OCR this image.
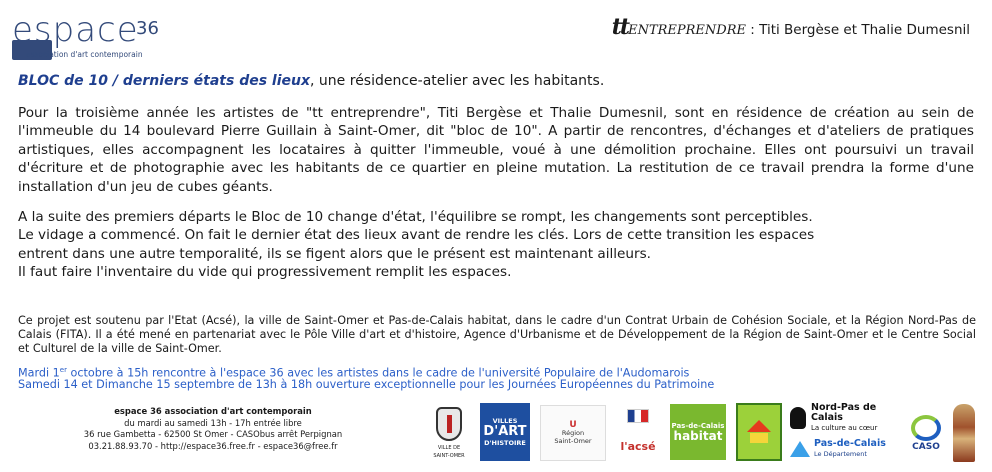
espace
36
association d'art contemporain
ttENTREPRENDRE : Titi Bergèse et Thalie Dumesnil
BLOC de 10 / derniers états des lieux, une résidence-atelier avec les habitants.

Pour la troisième année les artistes de "tt entreprendre", Titi Bergèse et Thalie Dumesnil, sont en résidence de création au sein de l'immeuble du 14 boulevard Pierre Guillain à Saint-Omer, dit "bloc de 10". A partir de rencontres, d'échanges et d'ateliers de pratiques artistiques, elles accompagnent les locataires à quitter l'immeuble, voué à une démolition prochaine. Elles ont poursuivi un travail d'écriture et de photographie avec les habitants de ce quartier en pleine mutation. La restitution de ce travail prendra la forme d'une installation d'un jeu de cubes géants.

A la suite des premiers départs le Bloc de 10 change d'état, l'équilibre se rompt, les changements sont perceptibles.
Le vidage a commencé. On fait le dernier état des lieux avant de rendre les clés. Lors de cette transition les espaces
entrent dans une autre temporalité, ils se figent alors que le présent est maintenant ailleurs.
Il faut faire l'inventaire du vide qui progressivement remplit les espaces.

Ce projet est soutenu par l'Etat (Acsé), la ville de Saint-Omer et Pas-de-Calais habitat, dans le cadre d'un Contrat Urbain de Cohésion Sociale, et la Région Nord-Pas de Calais (FITA). Il a été mené en partenariat avec le Pôle Ville d'art et d'histoire, Agence d'Urbanisme et de Développement de la Région de Saint-Omer et le Centre Social et Culturel de la ville de Saint-Omer.

Mardi 1er octobre à 15h rencontre à l'espace 36 avec les artistes dans le cadre de l'université Populaire de l'Audomarois
Samedi 14 et Dimanche 15 septembre de 13h à 18h ouverture exceptionnelle pour les Journées Européennes du Patrimoine
espace 36 association d'art contemporain
du mardi au samedi 13h - 17h entrée libre
36 rue Gambetta - 62500 St Omer - CASObus arrêt Perpignan
03.21.88.93.70 - http://espace36.free.fr - espace36@free.fr	VILLE DE SAINT-OMER
VILLES
D'ART
D'HISTOIRE
U
Région
Saint-Omer	l'acsé
Pas-de-Calais
habitat
Nord-Pas de Calais
La culture au cœur
Pas-de-Calais
Le Département
CASO
